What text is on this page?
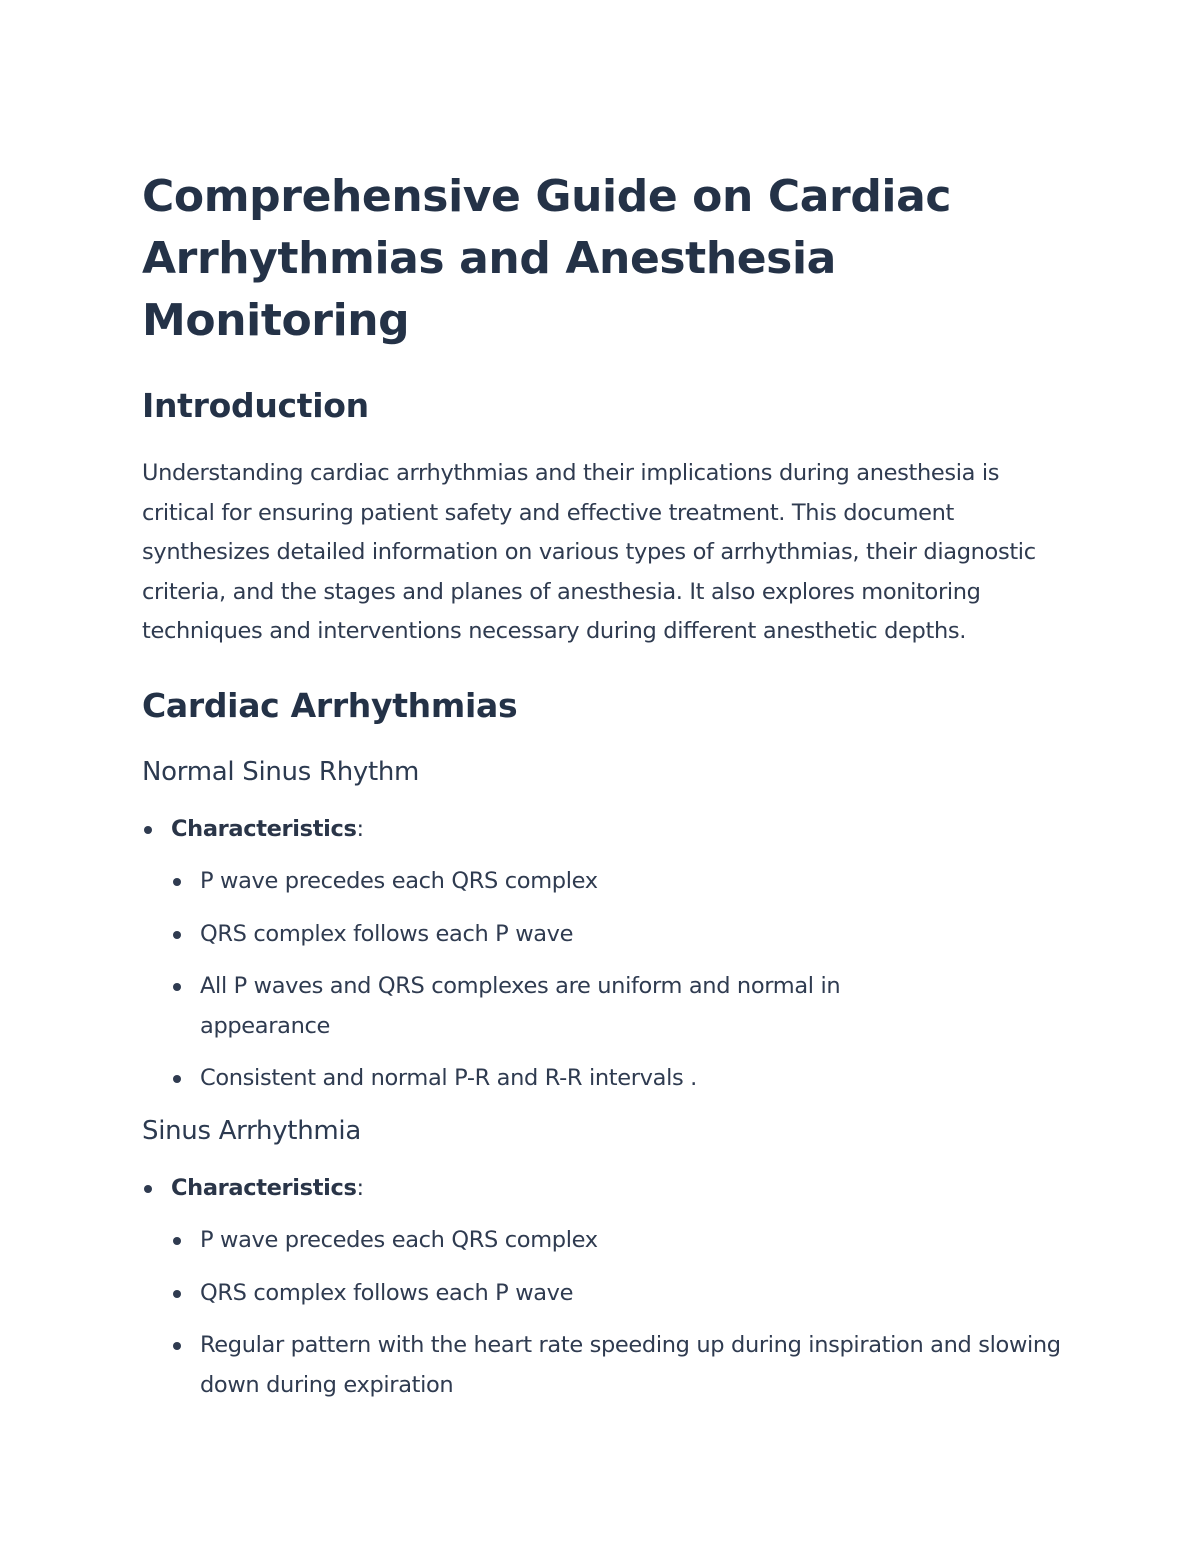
Comprehensive Guide on Cardiac Arrhythmias and Anesthesia Monitoring
Introduction

Understanding cardiac arrhythmias and their implications during anesthesia is critical for ensuring patient safety and effective treatment. This document synthesizes detailed information on various types of arrhythmias, their diagnostic criteria, and the stages and planes of anesthesia. It also explores monitoring techniques and interventions necessary during different anesthetic depths.

Cardiac Arrhythmias
Normal Sinus Rhythm
Characteristics:
P wave precedes each QRS complex
QRS complex follows each P wave
All P waves and QRS complexes are uniform and normal in appearance
Consistent and normal P-R and R-R intervals .
Sinus Arrhythmia
Characteristics:
P wave precedes each QRS complex
QRS complex follows each P wave
Regular pattern with the heart rate speeding up during inspiration and slowing down during expiration
